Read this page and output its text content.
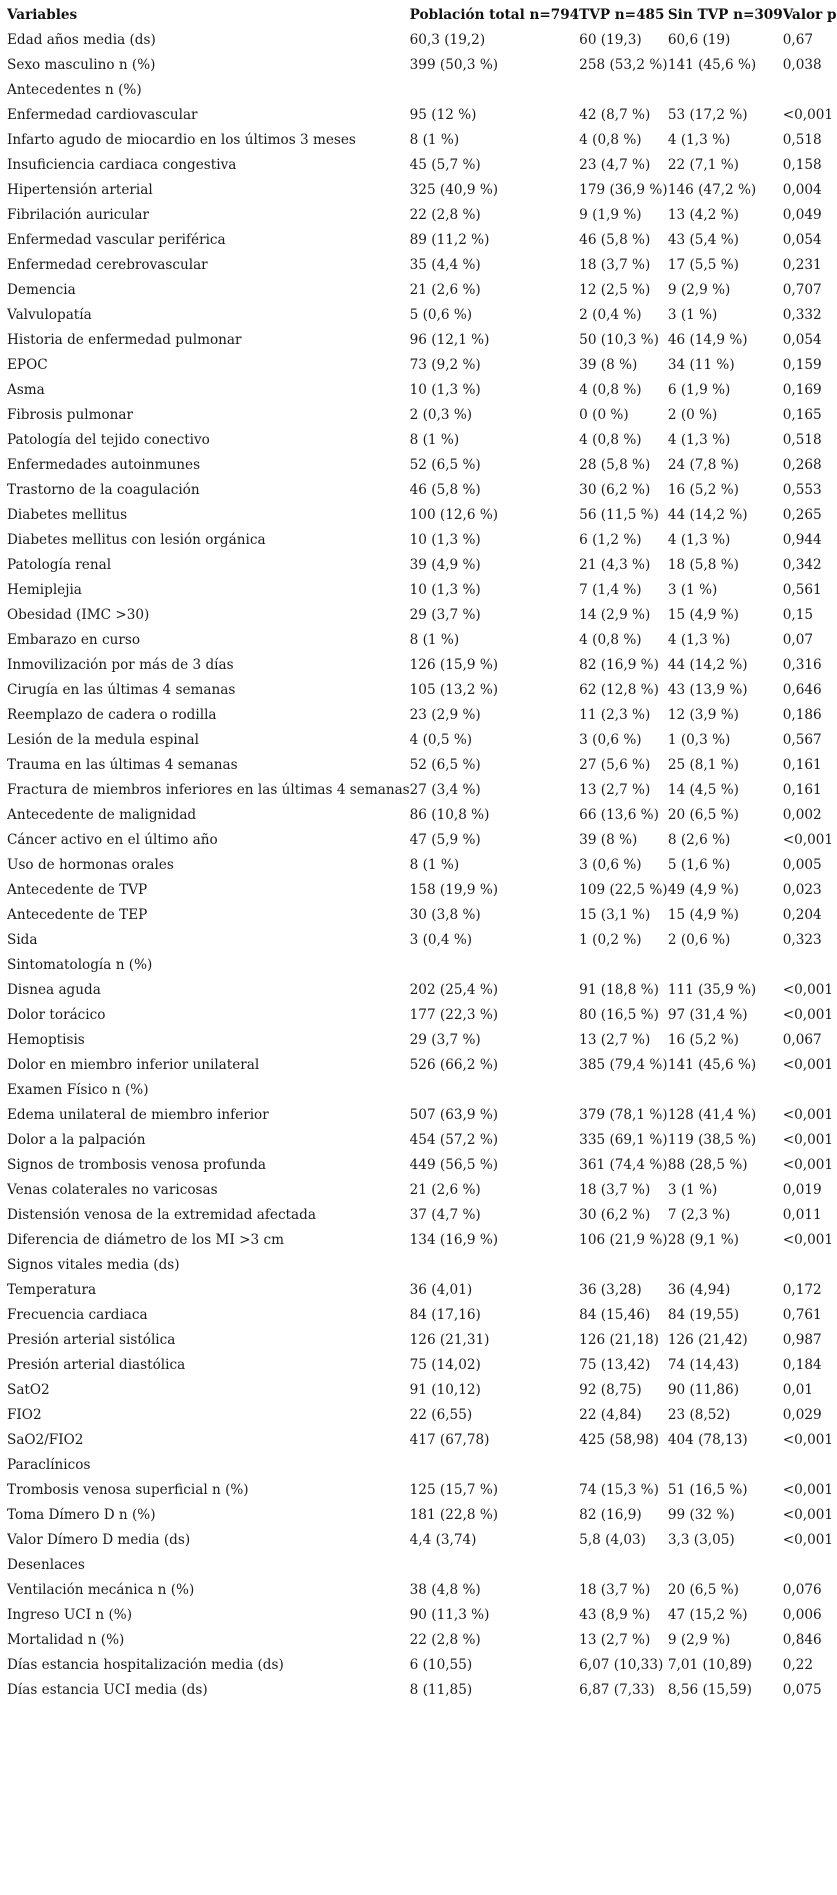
Variables	Población total n=794	TVP n=485	Sin TVP n=309	Valor p
Edad años media (ds)	60,3 (19,2)	60 (19,3)	60,6 (19)	0,67
Sexo masculino n (%)	399 (50,3 %)	258 (53,2 %)	141 (45,6 %)	0,038
Antecedentes n (%)				
Enfermedad cardiovascular	95 (12 %)	42 (8,7 %)	53 (17,2 %)	<0,001
Infarto agudo de miocardio en los últimos 3 meses	8 (1 %)	4 (0,8 %)	4 (1,3 %)	0,518
Insuficiencia cardiaca congestiva	45 (5,7 %)	23 (4,7 %)	22 (7,1 %)	0,158
Hipertensión arterial	325 (40,9 %)	179 (36,9 %)	146 (47,2 %)	0,004
Fibrilación auricular	22 (2,8 %)	9 (1,9 %)	13 (4,2 %)	0,049
Enfermedad vascular periférica	89 (11,2 %)	46 (5,8 %)	43 (5,4 %)	0,054
Enfermedad cerebrovascular	35 (4,4 %)	18 (3,7 %)	17 (5,5 %)	0,231
Demencia	21 (2,6 %)	12 (2,5 %)	9 (2,9 %)	0,707
Valvulopatía	5 (0,6 %)	2 (0,4 %)	3 (1 %)	0,332
Historia de enfermedad pulmonar	96 (12,1 %)	50 (10,3 %)	46 (14,9 %)	0,054
EPOC	73 (9,2 %)	39 (8 %)	34 (11 %)	0,159
Asma	10 (1,3 %)	4 (0,8 %)	6 (1,9 %)	0,169
Fibrosis pulmonar	2 (0,3 %)	0 (0 %)	2 (0 %)	0,165
Patología del tejido conectivo	8 (1 %)	4 (0,8 %)	4 (1,3 %)	0,518
Enfermedades autoinmunes	52 (6,5 %)	28 (5,8 %)	24 (7,8 %)	0,268
Trastorno de la coagulación	46 (5,8 %)	30 (6,2 %)	16 (5,2 %)	0,553
Diabetes mellitus	100 (12,6 %)	56 (11,5 %)	44 (14,2 %)	0,265
Diabetes mellitus con lesión orgánica	10 (1,3 %)	6 (1,2 %)	4 (1,3 %)	0,944
Patología renal	39 (4,9 %)	21 (4,3 %)	18 (5,8 %)	0,342
Hemiplejia	10 (1,3 %)	7 (1,4 %)	3 (1 %)	0,561
Obesidad (IMC >30)	29 (3,7 %)	14 (2,9 %)	15 (4,9 %)	0,15
Embarazo en curso	8 (1 %)	4 (0,8 %)	4 (1,3 %)	0,07
Inmovilización por más de 3 días	126 (15,9 %)	82 (16,9 %)	44 (14,2 %)	0,316
Cirugía en las últimas 4 semanas	105 (13,2 %)	62 (12,8 %)	43 (13,9 %)	0,646
Reemplazo de cadera o rodilla	23 (2,9 %)	11 (2,3 %)	12 (3,9 %)	0,186
Lesión de la medula espinal	4 (0,5 %)	3 (0,6 %)	1 (0,3 %)	0,567
Trauma en las últimas 4 semanas	52 (6,5 %)	27 (5,6 %)	25 (8,1 %)	0,161
Fractura de miembros inferiores en las últimas 4 semanas	27 (3,4 %)	13 (2,7 %)	14 (4,5 %)	0,161
Antecedente de malignidad	86 (10,8 %)	66 (13,6 %)	20 (6,5 %)	0,002
Cáncer activo en el último año	47 (5,9 %)	39 (8 %)	8 (2,6 %)	<0,001
Uso de hormonas orales	8 (1 %)	3 (0,6 %)	5 (1,6 %)	0,005
Antecedente de TVP	158 (19,9 %)	109 (22,5 %)	49 (4,9 %)	0,023
Antecedente de TEP	30 (3,8 %)	15 (3,1 %)	15 (4,9 %)	0,204
Sida	3 (0,4 %)	1 (0,2 %)	2 (0,6 %)	0,323
Sintomatología n (%)				
Disnea aguda	202 (25,4 %)	91 (18,8 %)	111 (35,9 %)	<0,001
Dolor torácico	177 (22,3 %)	80 (16,5 %)	97 (31,4 %)	<0,001
Hemoptisis	29 (3,7 %)	13 (2,7 %)	16 (5,2 %)	0,067
Dolor en miembro inferior unilateral	526 (66,2 %)	385 (79,4 %)	141 (45,6 %)	<0,001
Examen Físico n (%)				
Edema unilateral de miembro inferior	507 (63,9 %)	379 (78,1 %)	128 (41,4 %)	<0,001
Dolor a la palpación	454 (57,2 %)	335 (69,1 %)	119 (38,5 %)	<0,001
Signos de trombosis venosa profunda	449 (56,5 %)	361 (74,4 %)	88 (28,5 %)	<0,001
Venas colaterales no varicosas	21 (2,6 %)	18 (3,7 %)	3 (1 %)	0,019
Distensión venosa de la extremidad afectada	37 (4,7 %)	30 (6,2 %)	7 (2,3 %)	0,011
Diferencia de diámetro de los MI >3 cm	134 (16,9 %)	106 (21,9 %)	28 (9,1 %)	<0,001
Signos vitales media (ds)				
Temperatura	36 (4,01)	36 (3,28)	36 (4,94)	0,172
Frecuencia cardiaca	84 (17,16)	84 (15,46)	84 (19,55)	0,761
Presión arterial sistólica	126 (21,31)	126 (21,18)	126 (21,42)	0,987
Presión arterial diastólica	75 (14,02)	75 (13,42)	74 (14,43)	0,184
SatO2	91 (10,12)	92 (8,75)	90 (11,86)	0,01
FIO2	22 (6,55)	22 (4,84)	23 (8,52)	0,029
SaO2/FIO2	417 (67,78)	425 (58,98)	404 (78,13)	<0,001
Paraclínicos				
Trombosis venosa superficial n (%)	125 (15,7 %)	74 (15,3 %)	51 (16,5 %)	<0,001
Toma Dímero D n (%)	181 (22,8 %)	82 (16,9)	99 (32 %)	<0,001
Valor Dímero D media (ds)	4,4 (3,74)	5,8 (4,03)	3,3 (3,05)	<0,001
Desenlaces				
Ventilación mecánica n (%)	38 (4,8 %)	18 (3,7 %)	20 (6,5 %)	0,076
Ingreso UCI n (%)	90 (11,3 %)	43 (8,9 %)	47 (15,2 %)	0,006
Mortalidad n (%)	22 (2,8 %)	13 (2,7 %)	9 (2,9 %)	0,846
Días estancia hospitalización media (ds)	6 (10,55)	6,07 (10,33)	7,01 (10,89)	0,22
Días estancia UCI media (ds)	8 (11,85)	6,87 (7,33)	8,56 (15,59)	0,075
